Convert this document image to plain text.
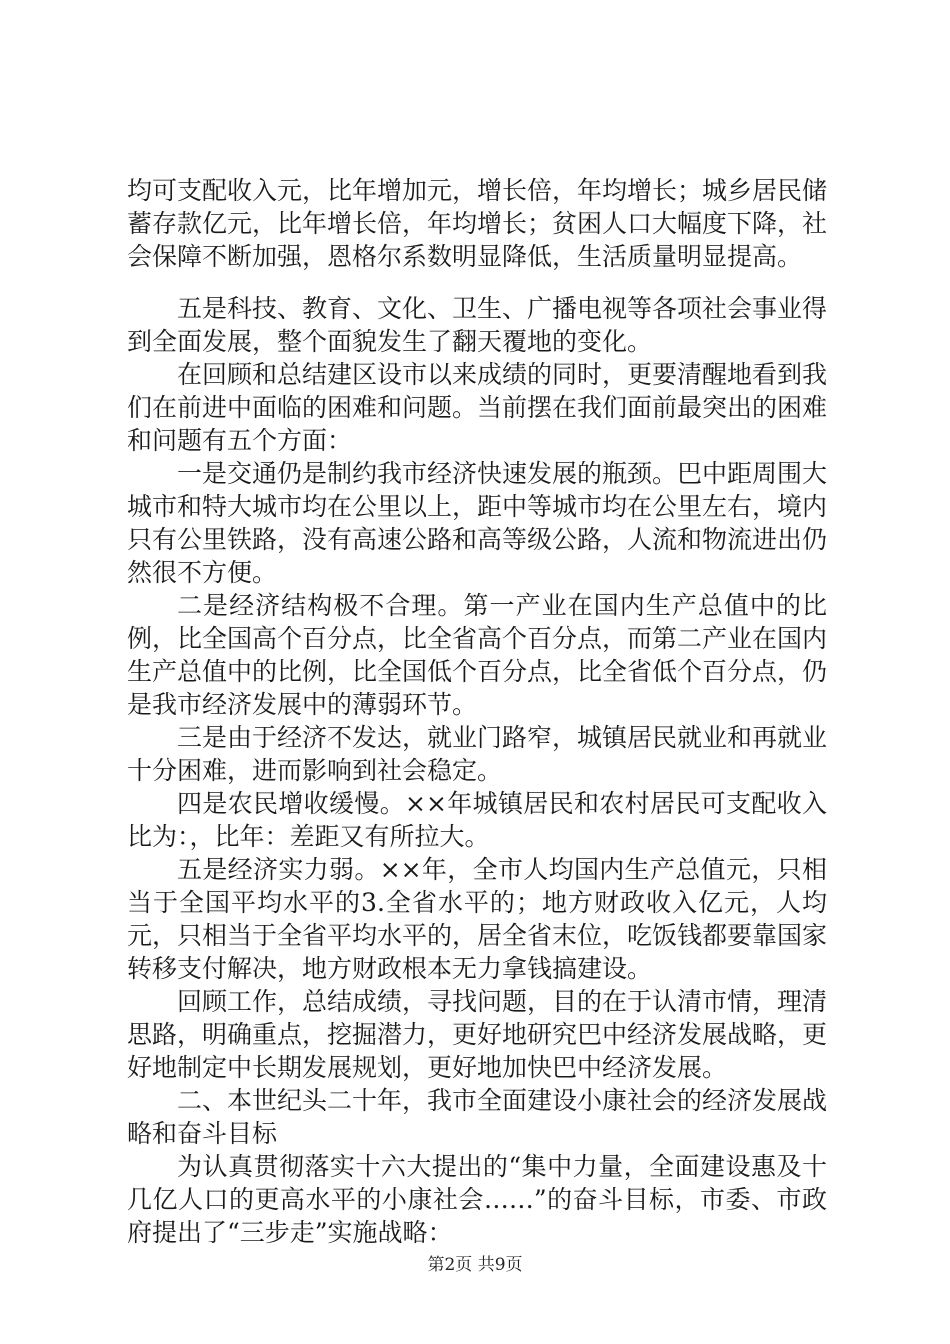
均可支配收入元，比年增加元，增长倍，年均增长；城乡居民储蓄存款亿元，比年增长倍，年均增长；贫困人口大幅度下降，社会保障不断加强，恩格尔系数明显降低，生活质量明显提高。

五是科技、教育、文化、卫生、广播电视等各项社会事业得到全面发展，整个面貌发生了翻天覆地的变化。

在回顾和总结建区设市以来成绩的同时，更要清醒地看到我们在前进中面临的困难和问题。当前摆在我们面前最突出的困难和问题有五个方面：

一是交通仍是制约我市经济快速发展的瓶颈。巴中距周围大城市和特大城市均在公里以上，距中等城市均在公里左右，境内只有公里铁路，没有高速公路和高等级公路，人流和物流进出仍然很不方便。

二是经济结构极不合理。第一产业在国内生产总值中的比例，比全国高个百分点，比全省高个百分点，而第二产业在国内生产总值中的比例，比全国低个百分点，比全省低个百分点，仍是我市经济发展中的薄弱环节。

三是由于经济不发达，就业门路窄，城镇居民就业和再就业十分困难，进而影响到社会稳定。

四是农民增收缓慢。××年城镇居民和农村居民可支配收入比为：，比年：差距又有所拉大。

五是经济实力弱。××年，全市人均国内生产总值元，只相当于全国平均水平的3.全省水平的；地方财政收入亿元，人均元，只相当于全省平均水平的，居全省末位，吃饭钱都要靠国家转移支付解决，地方财政根本无力拿钱搞建设。

回顾工作，总结成绩，寻找问题，目的在于认清市情，理清思路，明确重点，挖掘潜力，更好地研究巴中经济发展战略，更好地制定中长期发展规划，更好地加快巴中经济发展。

二、本世纪头二十年，我市全面建设小康社会的经济发展战略和奋斗目标

为认真贯彻落实十六大提出的“集中力量，全面建设惠及十几亿人口的更高水平的小康社会……”的奋斗目标，市委、市政府提出了“三步走”实施战略：

第2页 共9页
